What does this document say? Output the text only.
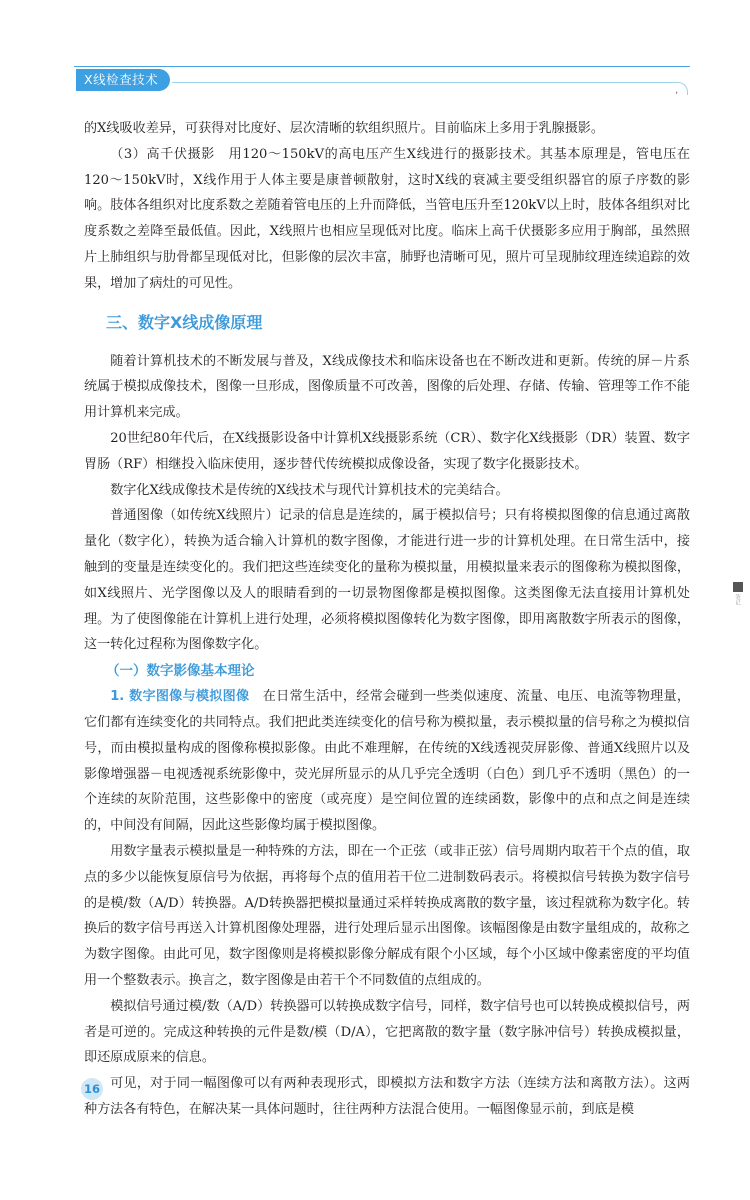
X线检查技术
,

的X线吸收差异，可获得对比度好、层次清晰的软组织照片。目前临床上多用于乳腺摄影。

（3）高千伏摄影　用120～150kV的高电压产生X线进行的摄影技术。其基本原理是，管电压在120～150kV时，X线作用于人体主要是康普顿散射，这时X线的衰减主要受组织器官的原子序数的影响。肢体各组织对比度系数之差随着管电压的上升而降低，当管电压升至120kV以上时，肢体各组织对比度系数之差降至最低值。因此，X线照片也相应呈现低对比度。临床上高千伏摄影多应用于胸部，虽然照片上肺组织与肋骨都呈现低对比，但影像的层次丰富，肺野也清晰可见，照片可呈现肺纹理连续追踪的效果，增加了病灶的可见性。

三、数字X线成像原理

随着计算机技术的不断发展与普及，X线成像技术和临床设备也在不断改进和更新。传统的屏－片系统属于模拟成像技术，图像一旦形成，图像质量不可改善，图像的后处理、存储、传输、管理等工作不能用计算机来完成。

20世纪80年代后，在X线摄影设备中计算机X线摄影系统（CR）、数字化X线摄影（DR）装置、数字胃肠（RF）相继投入临床使用，逐步替代传统模拟成像设备，实现了数字化摄影技术。

数字化X线成像技术是传统的X线技术与现代计算机技术的完美结合。

普通图像（如传统X线照片）记录的信息是连续的，属于模拟信号；只有将模拟图像的信息通过离散量化（数字化），转换为适合输入计算机的数字图像，才能进行进一步的计算机处理。在日常生活中，接触到的变量是连续变化的。我们把这些连续变化的量称为模拟量，用模拟量来表示的图像称为模拟图像，如X线照片、光学图像以及人的眼睛看到的一切景物图像都是模拟图像。这类图像无法直接用计算机处理。为了使图像能在计算机上进行处理，必须将模拟图像转化为数字图像，即用离散数字所表示的图像，这一转化过程称为图像数字化。

（一）数字影像基本理论

1. 数字图像与模拟图像　在日常生活中，经常会碰到一些类似速度、流量、电压、电流等物理量，它们都有连续变化的共同特点。我们把此类连续变化的信号称为模拟量，表示模拟量的信号称之为模拟信号，而由模拟量构成的图像称模拟影像。由此不难理解，在传统的X线透视荧屏影像、普通X线照片以及影像增强器－电视透视系统影像中，荧光屏所显示的从几乎完全透明（白色）到几乎不透明（黑色）的一个连续的灰阶范围，这些影像中的密度（或亮度）是空间位置的连续函数，影像中的点和点之间是连续的，中间没有间隔，因此这些影像均属于模拟图像。

用数字量表示模拟量是一种特殊的方法，即在一个正弦（或非正弦）信号周期内取若干个点的值，取点的多少以能恢复原信号为依据，再将每个点的值用若干位二进制数码表示。将模拟信号转换为数字信号的是模/数（A/D）转换器。A/D转换器把模拟量通过采样转换成离散的数字量，该过程就称为数字化。转换后的数字信号再送入计算机图像处理器，进行处理后显示出图像。该幅图像是由数字量组成的，故称之为数字图像。由此可见，数字图像则是将模拟影像分解成有限个小区域，每个小区域中像素密度的平均值用一个整数表示。换言之，数字图像是由若干个不同数值的点组成的。

模拟信号通过模/数（A/D）转换器可以转换成数字信号，同样，数字信号也可以转换成模拟信号，两者是可逆的。完成这种转换的元件是数/模（D/A），它把离散的数字量（数字脉冲信号）转换成模拟量，即还原成原来的信息。

可见，对于同一幅图像可以有两种表现形式，即模拟方法和数字方法（连续方法和离散方法）。这两种方法各有特色，在解决某一具体问题时，往往两种方法混合使用。一幅图像显示前，到底是模

笔记
16
